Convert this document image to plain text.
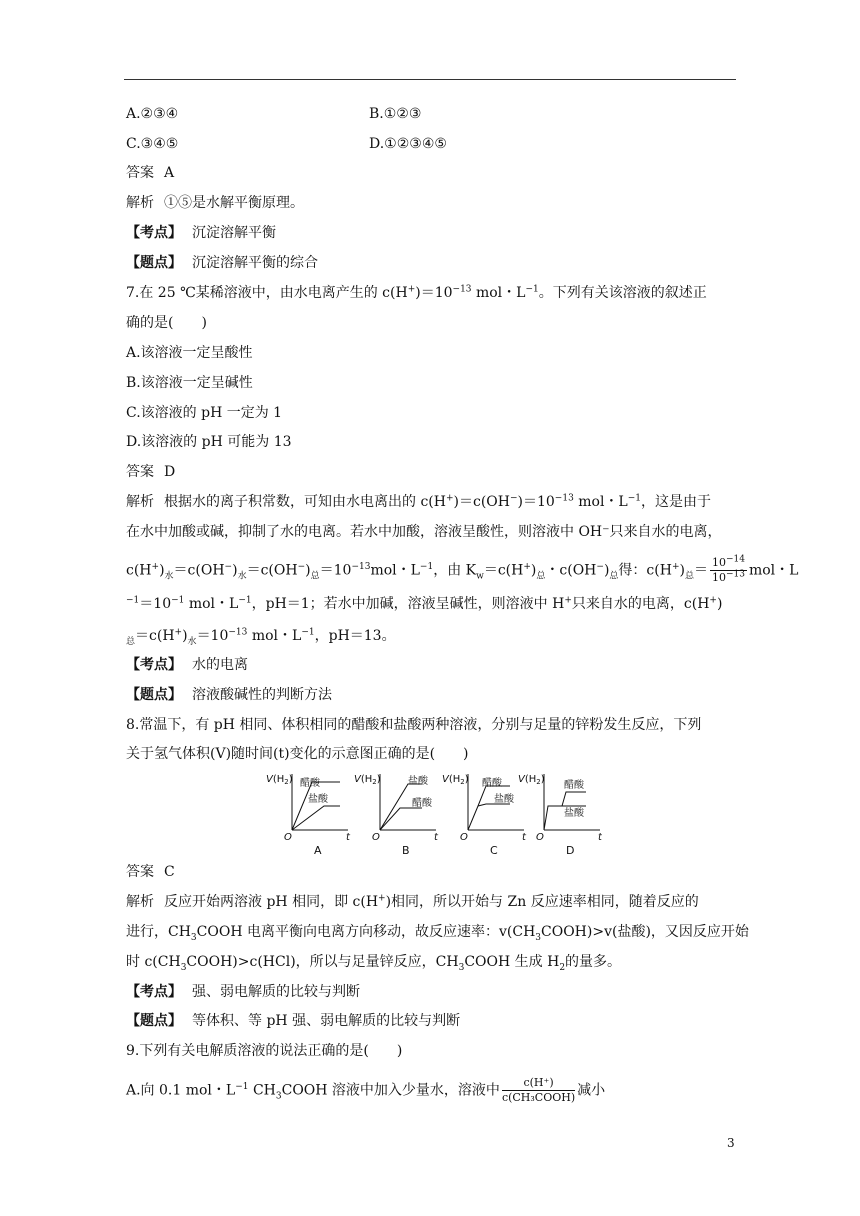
A.②③④	B.①②③
C.③④⑤	D.①②③④⑤
答案 A
解析 ①⑤是水解平衡原理。
【考点】 沉淀溶解平衡
【题点】 沉淀溶解平衡的综合
7.在 25 ℃某稀溶液中，由水电离产生的 $c(H^+)=10^{-13}$ mol・$L^{-1}$。下列有关该溶液的叙述正
确的是(　　)
A.该溶液一定呈酸性
B.该溶液一定呈碱性
C.该溶液的 pH 一定为 1
D.该溶液的 pH 可能为 13
答案 D
解析 根据水的离子积常数，可知由水电离出的 $c(H^+)=c(OH^-)=10^{-13}$ mol・$L^{-1}$，这是由于
在水中加酸或碱，抑制了水的电离。若水中加酸，溶液呈酸性，则溶液中 OH⁻只来自水的电离，
$c(H^+)_水=c(OH^-)_水=c(OH^-)_总=10^{-13}mol$・$L^{-1}$，由 $K_w=c(H^+)_总$・$c(OH^-)_总$得：$c(H^+)_总= \frac{10^{-14}}{10^{-13}}$ mol・L
$^{-1}=10^{-1}$ mol・$L^{-1}$，pH＝1；若水中加碱，溶液呈碱性，则溶液中 H+只来自水的电离，c(H+)
$_总=c(H^+)_水=10^{-13}$ mol・$L^{-1}$，pH＝13。
【考点】 水的电离
【题点】 溶液酸碱性的判断方法
8.常温下，有 pH 相同、体积相同的醋酸和盐酸两种溶液，分别与足量的锌粉发生反应，下列
关于氢气体积(V)随时间(t)变化的示意图正确的是(　　)
$V(H_2)$
O	t
A
醋酸
盐酸
$V(H_2)$
O	t
B
盐酸
醋酸
$V(H_2)$
O	t
C
醋酸
盐酸
$V(H_2)$
O	t
D
醋酸
盐酸
答案 C
解析 反应开始两溶液 pH 相同，即 c(H+)相同，所以开始与 Zn 反应速率相同，随着反应的
进行，$CH_3COOH$ 电离平衡向电离方向移动，故反应速率：$v(CH_3COOH)>v$(盐酸)，又因反应开始
时 $c(CH_3COOH)>c(HCl)$，所以与足量锌反应，$CH_3COOH$ 生成 $H_2$的量多。
【考点】 强、弱电解质的比较与判断
【题点】 等体积、等 pH 强、弱电解质的比较与判断
9.下列有关电解质溶液的说法正确的是(　　)
A.向 0.1 mol・$L^{-1}$ $CH_3COOH$ 溶液中加入少量水，溶液中 $\frac{c(H^+)}{\text{c(CH₃COOH)}}$ 减小
3
